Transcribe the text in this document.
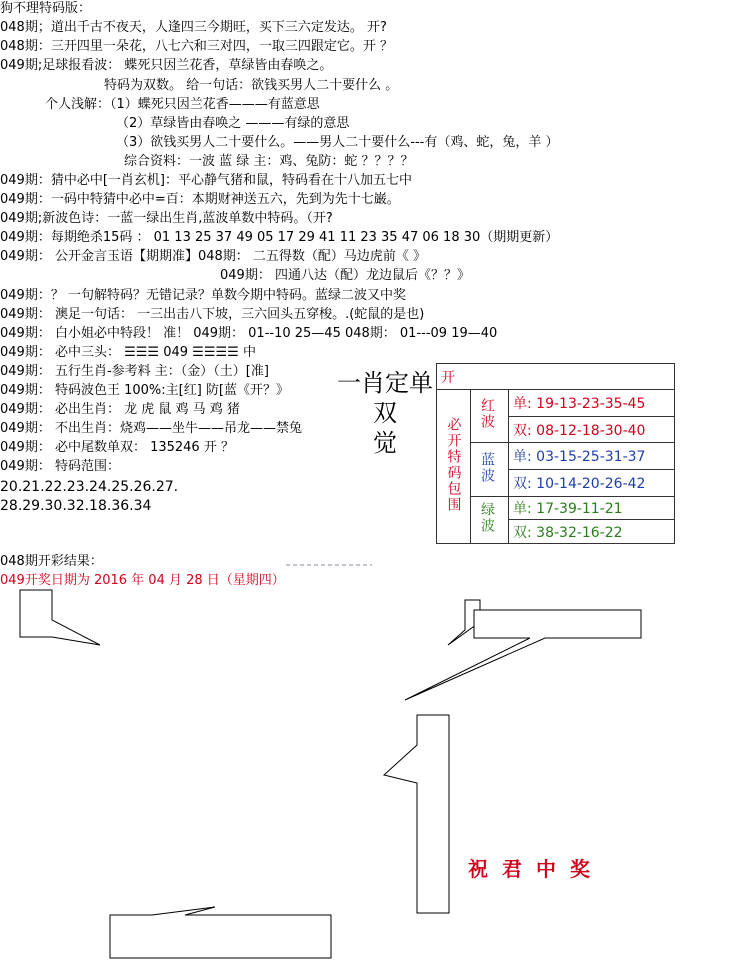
狗不理特码版：
048期；道出千古不夜天，人逢四三今期旺，买下三六定发达。 开?
048期：三开四里一朵花，八七六和三对四，一取三四跟定它。开 ？
049期;足球报看波： 蝶死只因兰花香，草绿皆由春唤之。
特码为双数。 给一句话：欲钱买男人二十要什么 。
个人浅解：（1）蝶死只因兰花香———有蓝意思
（2）草绿皆由春唤之 ———有绿的意思
（3）欲钱买男人二十要什么。——男人二十要什么---有（鸡、蛇，兔，羊 ）
综合资料：一波 蓝 绿 主：鸡、兔防：蛇 ？？？？
049期：猜中必中[一肖玄机]：平心静气猪和鼠，特码看在十八加五七中
049期：一码中特猜中必中=百：本期财神送五六，先到为先十七巌。
049期;新波色诗：一蓝一绿出生肖,蓝波单数中特码。（开?
049期：每期绝杀15码 ： 01 13 25 37 49 05 17 29 41 11 23 35 47 06 18 30（期期更新）
049期： 公开金言玉语【期期准】048期： 二五得数（配）马边虎前《 》
049期： 四通八达（配）龙边鼠后《？？》
049期：？ 一句解特码？无错记录？单数今期中特码。蓝绿二波又中奖
049期： 澳足一句话： 一三出击八下坡，三六回头五穿梭。.(蛇鼠的是也)
049期： 白小姐必中特段！ 准！ 049期： 01--10 25—45 048期： 01---09 19—40
049期： 必中三头： ☰☰☰ 049 ☰☰☰☰ 中
049期： 五行生肖-参考料 主：（金）（土）[准]
049期： 特码波色王 100%:主[红] 防[蓝《开？》
049期： 必出生肖： 龙 虎 鼠 鸡 马 鸡 猪
049期： 不出生肖：烧鸡——坐牛——吊龙——禁兔
049期： 必中尾数单双： 135246 开 ？
049期： 特码范围：
20.21.22.23.24.25.26.27.
28.29.30.32.18.36.34
一肖定单双
觉
开		
必开特码包围	红波	单: 19-13-23-35-45
		双: 08-12-18-30-40
	蓝波	单: 03-15-25-31-37
		双: 10-14-20-26-42
	绿波	单: 17-39-11-21
		双: 38-32-16-22
048期开彩结果：
049开奖日期为 2016 年 04 月 28 日（星期四）
祝君中奖
